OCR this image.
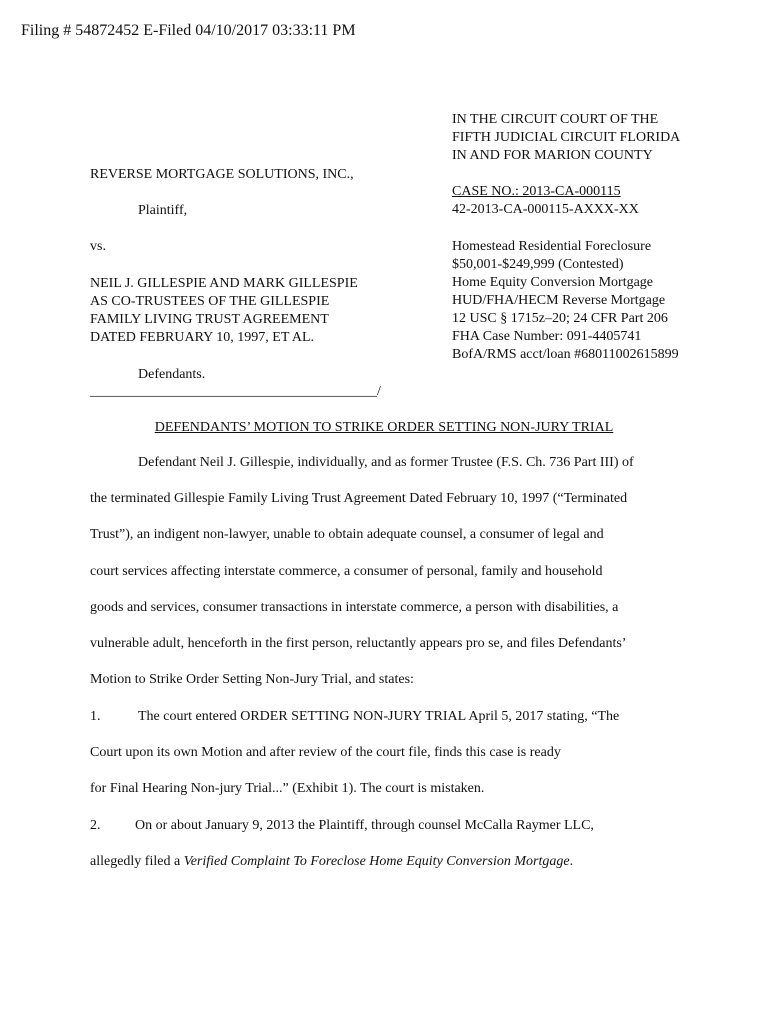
Filing # 54872452 E-Filed 04/10/2017 03:33:11 PM
IN THE CIRCUIT COURT OF THE
FIFTH JUDICIAL CIRCUIT FLORIDA
IN AND FOR MARION COUNTY
REVERSE MORTGAGE SOLUTIONS, INC.,
CASE NO.: 2013-CA-000115
42-2013-CA-000115-AXXX-XX
Plaintiff,
vs.	Homestead Residential Foreclosure
$50,001-$249,999 (Contested)
Home Equity Conversion Mortgage
HUD/FHA/HECM Reverse Mortgage
12 USC § 1715z–20; 24 CFR Part 206
FHA Case Number: 091-4405741
BofA/RMS acct/loan #68011002615899
NEIL J. GILLESPIE AND MARK GILLESPIE
AS CO-TRUSTEES OF THE GILLESPIE
FAMILY LIVING TRUST AGREEMENT
DATED FEBRUARY 10, 1997, ET AL.
Defendants.
_________________________________________/
DEFENDANTS’ MOTION TO STRIKE ORDER SETTING NON-JURY TRIAL
Defendant Neil J. Gillespie, individually, and as former Trustee (F.S. Ch. 736 Part III) of
the terminated Gillespie Family Living Trust Agreement Dated February 10, 1997 (“Terminated
Trust”), an indigent non-lawyer, unable to obtain adequate counsel, a consumer of legal and
court services affecting interstate commerce, a consumer of personal, family and household
goods and services, consumer transactions in interstate commerce, a person with disabilities, a
vulnerable adult, henceforth in the first person, reluctantly appears pro se, and files Defendants’
Motion to Strike Order Setting Non-Jury Trial, and states:
1.	The court entered ORDER SETTING NON-JURY TRIAL April 5, 2017 stating, “The
Court upon its own Motion and after review of the court file, finds this case is ready
for Final Hearing Non-jury Trial...” (Exhibit 1). The court is mistaken.
2. On or about January 9, 2013 the Plaintiff, through counsel McCalla Raymer LLC,
allegedly filed a Verified Complaint To Foreclose Home Equity Conversion Mortgage.
